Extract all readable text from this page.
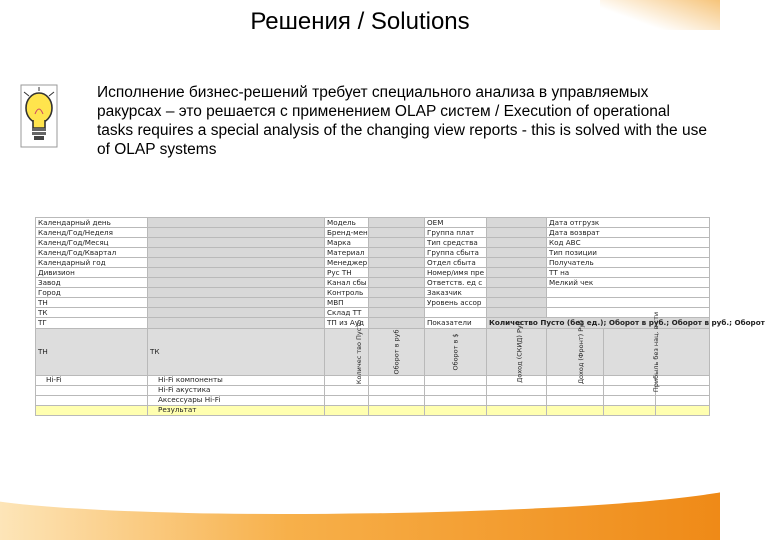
Решения / Solutions
Исполнение бизнес-решений требует специального анализа в управляемых ракурсах – это решается с применением OLAP систем / Execution of operational tasks requires a special analysis of the changing view reports - this is solved with the use of OLAP systems
Календарный день		Модель		OEM		Дата отгрузк		
Календ/Год/Неделя		Бренд-мен		Группа плат		Дата возврат		
Календ/Год/Месяц		Марка		Тип средства		Код АВС		
Календ/Год/Квартал		Материал		Группа сбыта		Тип позиции		
Календарный год		Менеджер		Отдел сбыта		Получатель		
Дивизион		Рус ТН		Номер/имя пре		ТТ на		
Завод		Канал сбы		Ответств. ед с		Мелкий чек		
Город		Контроль		Заказчик				
ТН		МВП		Уровень ассор				
ТК		Склад ТТ						
ТГ		ТП из Ауд		Показатели	Количество Пусто (без ед.); Оборот в руб.; Оборот в руб.; Оборот			
ТН	ТК	Количес тво Пусто	Оборот в руб	Оборот в $	Доход (СКИД) Руб	Доход (Фронт) Руб	Прибыль без нац. в сти	
Hi-Fi	Hi-Fi компоненты							
	Hi-Fi акустика							
	Аксессуары Hi-Fi							
	Результат							
